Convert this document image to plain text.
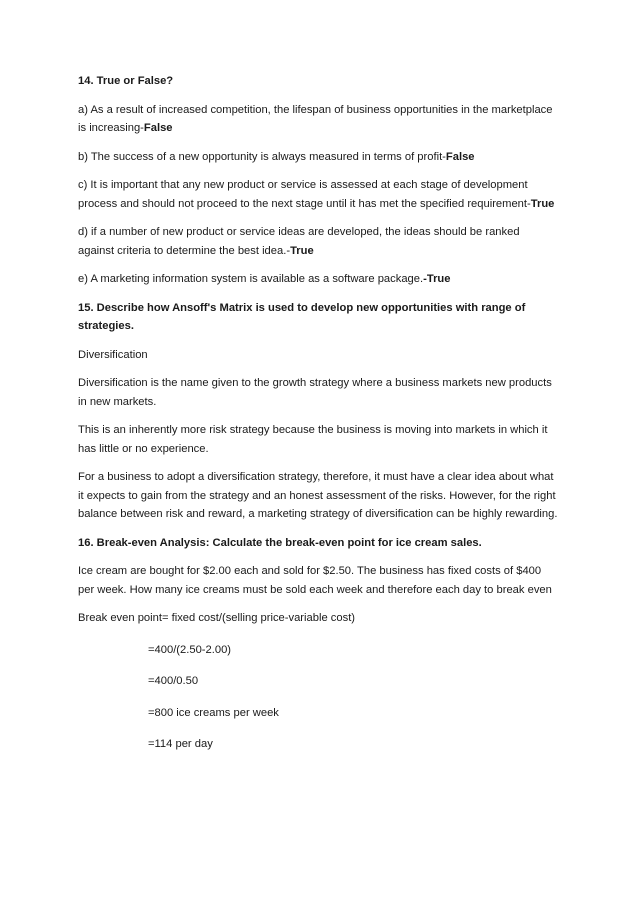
14. True or False?

a) As a result of increased competition, the lifespan of business opportunities in the marketplace is increasing-False

b) The success of a new opportunity is always measured in terms of profit-False

c) It is important that any new product or service is assessed at each stage of development process and should not proceed to the next stage until it has met the specified requirement-True

d) if a number of new product or service ideas are developed, the ideas should be ranked against criteria to determine the best idea.-True

e) A marketing information system is available as a software package.-True

15. Describe how Ansoff's Matrix is used to develop new opportunities with range of strategies.

Diversification

Diversification is the name given to the growth strategy where a business markets new products in new markets.

This is an inherently more risk strategy because the business is moving into markets in which it has little or no experience.

For a business to adopt a diversification strategy, therefore, it must have a clear idea about what it expects to gain from the strategy and an honest assessment of the risks. However, for the right balance between risk and reward, a marketing strategy of diversification can be highly rewarding.

16. Break-even Analysis: Calculate the break-even point for ice cream sales.

Ice cream are bought for $2.00 each and sold for $2.50. The business has fixed costs of $400 per week. How many ice creams must be sold each week and therefore each day to break even

Break even point= fixed cost/(selling price-variable cost)

=400/(2.50-2.00)

=400/0.50

=800 ice creams per week

=114 per day
